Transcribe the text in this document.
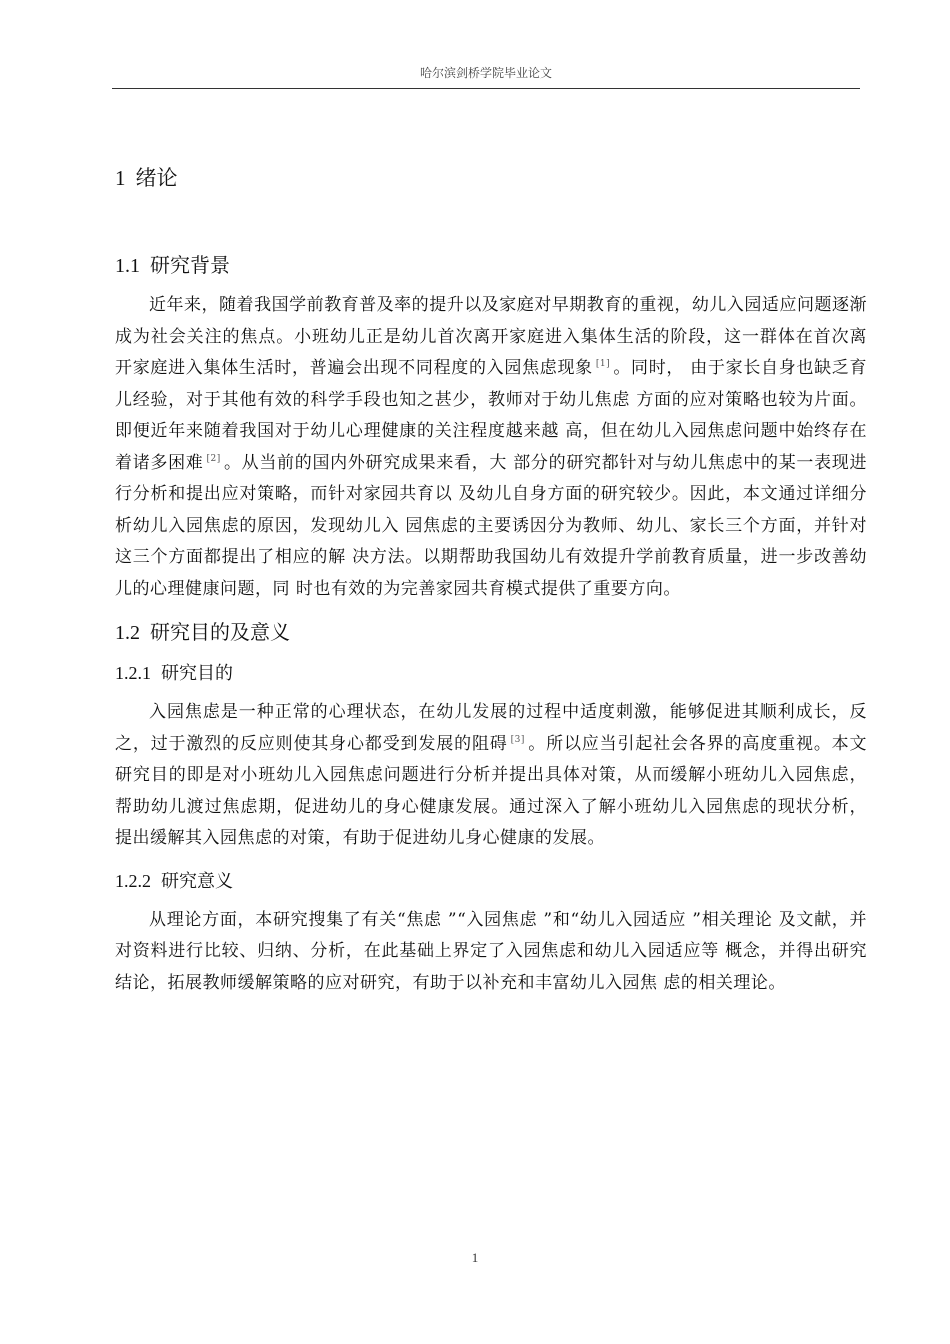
哈尔滨剑桥学院毕业论文
1 绪论
1.1 研究背景

近年来，随着我国学前教育普及率的提升以及家庭对早期教育的重视，幼儿入园适应问题逐渐成为社会关注的焦点。小班幼儿正是幼儿首次离开家庭进入集体生活的阶段，这一群体在首次离开家庭进入集体生活时，普遍会出现不同程度的入园焦虑现象 [1] 。同时， 由于家长自身也缺乏育儿经验，对于其他有效的科学手段也知之甚少，教师对于幼儿焦虑 方面的应对策略也较为片面。即便近年来随着我国对于幼儿心理健康的关注程度越来越 高，但在幼儿入园焦虑问题中始终存在着诸多困难 [2] 。从当前的国内外研究成果来看，大 部分的研究都针对与幼儿焦虑中的某一表现进行分析和提出应对策略，而针对家园共育以 及幼儿自身方面的研究较少。因此，本文通过详细分析幼儿入园焦虑的原因，发现幼儿入 园焦虑的主要诱因分为教师、幼儿、家长三个方面，并针对这三个方面都提出了相应的解 决方法。以期帮助我国幼儿有效提升学前教育质量，进一步改善幼儿的心理健康问题，同 时也有效的为完善家园共育模式提供了重要方向。

1.2 研究目的及意义
1.2.1 研究目的

入园焦虑是一种正常的心理状态，在幼儿发展的过程中适度刺激，能够促进其顺利成长，反之，过于激烈的反应则使其身心都受到发展的阻碍 [3] 。所以应当引起社会各界的高度重视。本文研究目的即是对小班幼儿入园焦虑问题进行分析并提出具体对策，从而缓解小班幼儿入园焦虑，帮助幼儿渡过焦虑期，促进幼儿的身心健康发展。通过深入了解小班幼儿入园焦虑的现状分析，提出缓解其入园焦虑的对策，有助于促进幼儿身心健康的发展。

1.2.2 研究意义

从理论方面，本研究搜集了有关“焦虑 ”“入园焦虑 ”和“幼儿入园适应 ”相关理论 及文献，并对资料进行比较、归纳、分析，在此基础上界定了入园焦虑和幼儿入园适应等 概念，并得出研究结论，拓展教师缓解策略的应对研究，有助于以补充和丰富幼儿入园焦 虑的相关理论。

1
